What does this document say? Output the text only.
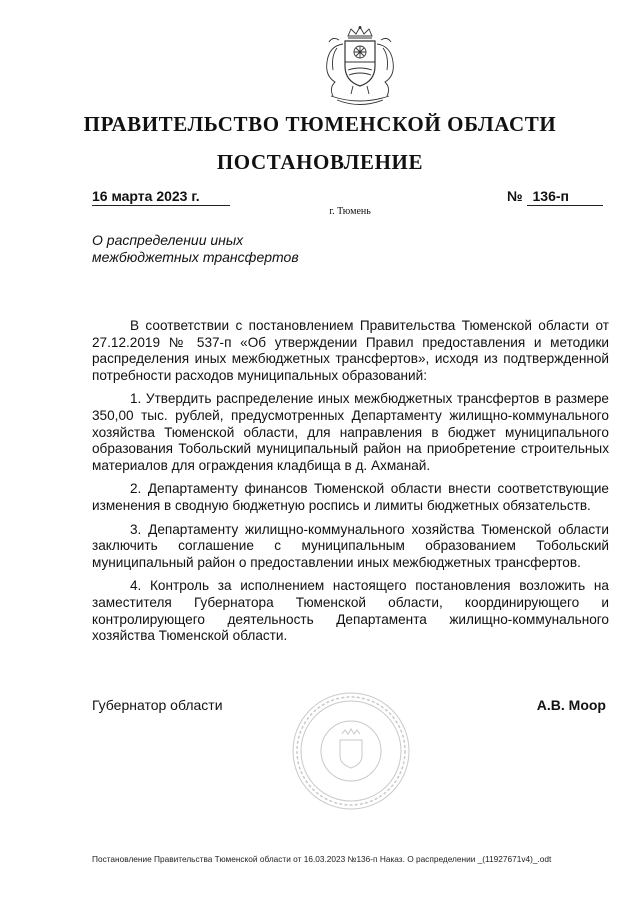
ПРАВИТЕЛЬСТВО ТЮМЕНСКОЙ ОБЛАСТИ
ПОСТАНОВЛЕНИЕ
16 марта 2023 г.	№ 136-п
г. Тюмень
О распределении иных
межбюджетных трансфертов

В соответствии с постановлением Правительства Тюменской области от 27.12.2019 № 537-п «Об утверждении Правил предоставления и методики распределения иных межбюджетных трансфертов», исходя из подтвержденной потребности расходов муниципальных образований:

1. Утвердить распределение иных межбюджетных трансфертов в размере 350,00 тыс. рублей, предусмотренных Департаменту жилищно-коммунального хозяйства Тюменской области, для направления в бюджет муниципального образования Тобольский муниципальный район на приобретение строительных материалов для ограждения кладбища в д. Ахманай.

2. Департаменту финансов Тюменской области внести соответствующие изменения в сводную бюджетную роспись и лимиты бюджетных обязательств.

3. Департаменту жилищно-коммунального хозяйства Тюменской области заключить соглашение с муниципальным образованием Тобольский муниципальный район о предоставлении иных межбюджетных трансфертов.

4. Контроль за исполнением настоящего постановления возложить на заместителя Губернатора Тюменской области, координирующего и контролирующего деятельность Департамента жилищно-коммунального хозяйства Тюменской области.

Губернатор области	А.В. Моор
Постановление Правительства Тюменской области от 16.03.2023 №136-п Наказ. О распределении _(11927671v4)_.odt
